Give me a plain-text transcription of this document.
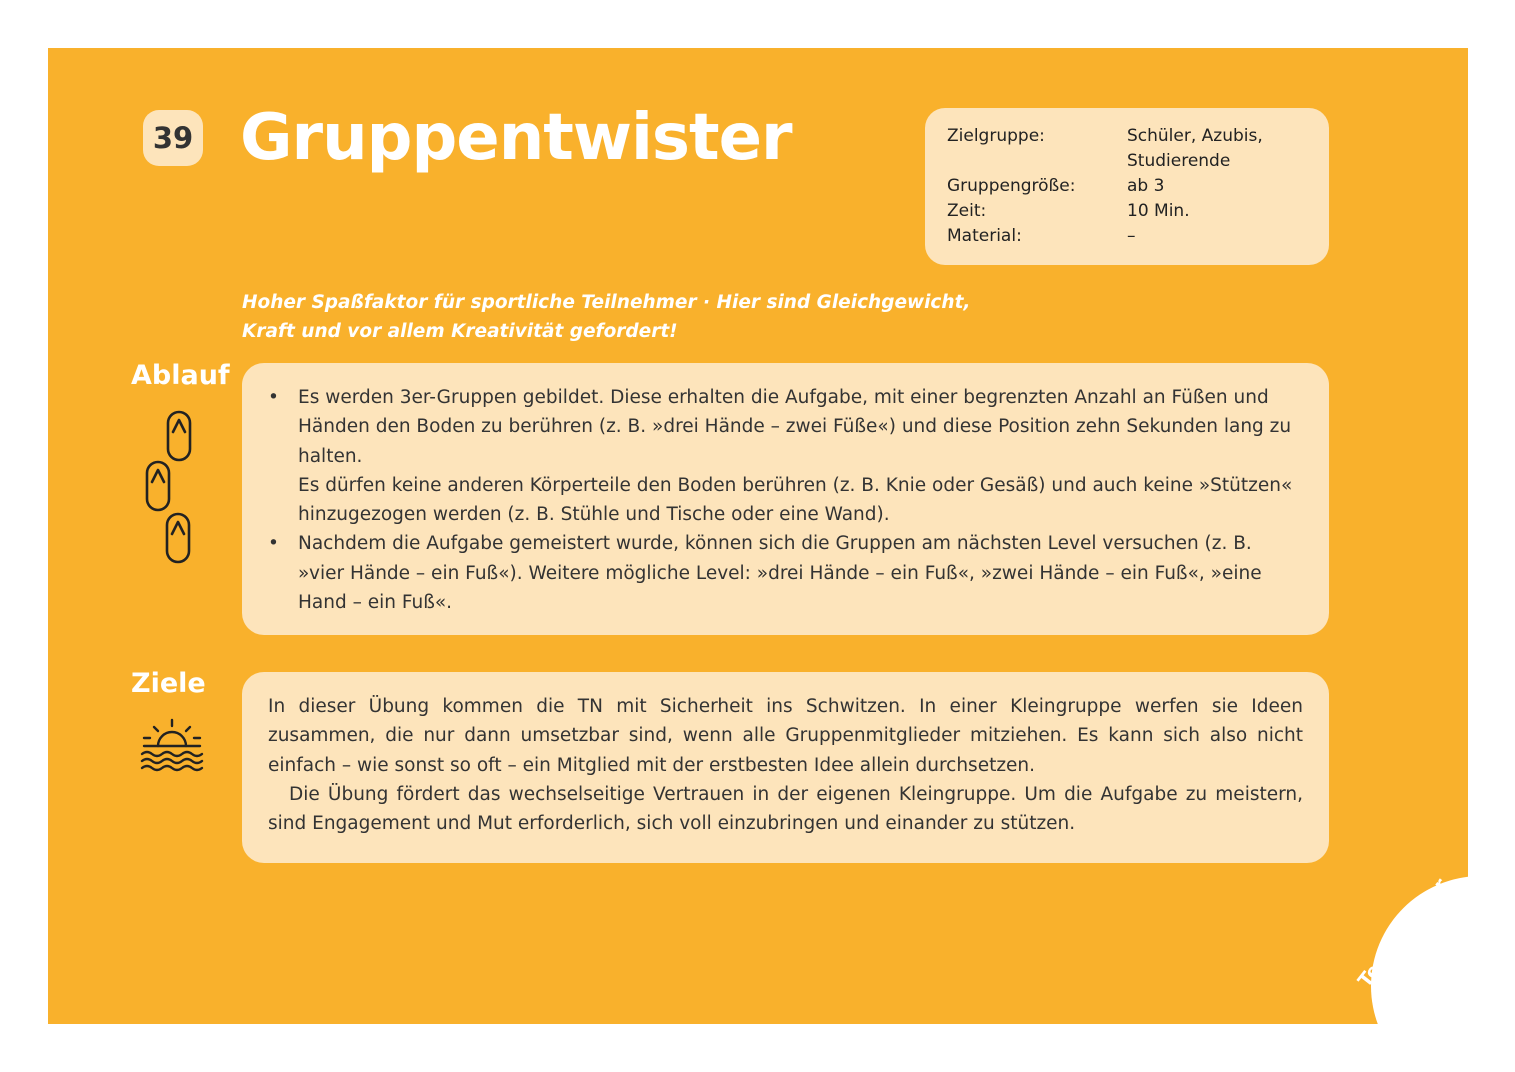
39 Gruppentwister	Zielgruppe:	Schüler, Azubis,
Studierende
Gruppengröße:	ab 3
Zeit:	10 Min.
Material:	–
Hoher Spaßfaktor für sportliche Teilnehmer · Hier sind Gleichgewicht, Kraft und vor allem Kreativität gefordert!
Ablauf
•	Es werden 3er-Gruppen gebildet. Diese erhalten die Aufgabe, mit einer begrenzten Anzahl an Füßen und Händen den Boden zu berühren (z. B. »drei Hände – zwei Füße«) und diese Position zehn Sekunden lang zu halten.
Es dürfen keine anderen Körperteile den Boden berühren (z. B. Knie oder Gesäß) und auch keine »Stützen« hinzugezogen werden (z. B. Stühle und Tische oder eine Wand).
•	Nachdem die Aufgabe gemeistert wurde, können sich die Gruppen am nächsten Level versuchen (z. B. »vier Hände – ein Fuß«). Weitere mögliche Level: »drei Hände – ein Fuß«, »zwei Hände – ein Fuß«, »eine Hand – ein Fuß«.
Ziele
In dieser Übung kommen die TN mit Sicherheit ins Schwitzen. In einer Kleingruppe werfen sie Ideen zusammen, die nur dann umsetzbar sind, wenn alle Gruppenmitglieder mitziehen. Es kann sich also nicht einfach – wie sonst so oft – ein Mitglied mit der erstbesten Idee allein durchsetzen.
Die Übung fördert das wechselseitige Vertrauen in der eigenen Kleingruppe. Um die Aufgabe zu meistern, sind Engagement und Mut erforderlich, sich voll einzubringen und einander zu stützen.
Teamergizer
